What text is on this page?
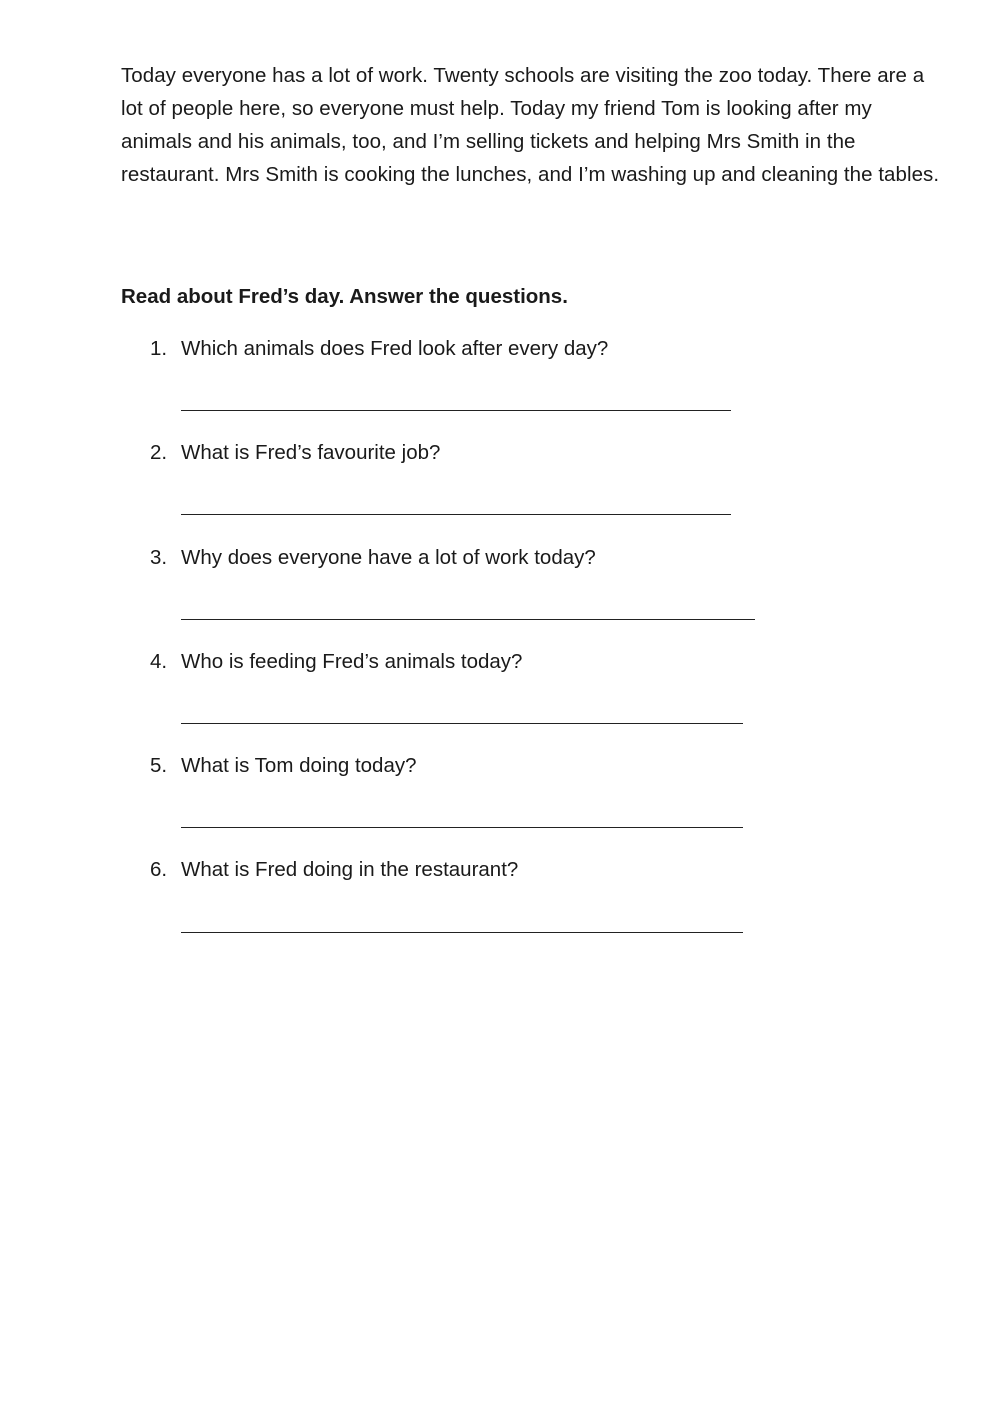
Today everyone has a lot of work. Twenty schools are visiting the zoo today. There are a lot of people here, so everyone must help. Today my friend Tom is looking after my animals and his animals, too, and I’m selling tickets and helping Mrs Smith in the restaurant. Mrs Smith is cooking the lunches, and I’m washing up and cleaning the tables.

Read about Fred’s day. Answer the questions.

1. Which animals does Fred look after every day?
2. What is Fred’s favourite job?
3. Why does everyone have a lot of work today?
4. Who is feeding Fred’s animals today?
5. What is Tom doing today?
6. What is Fred doing in the restaurant?
